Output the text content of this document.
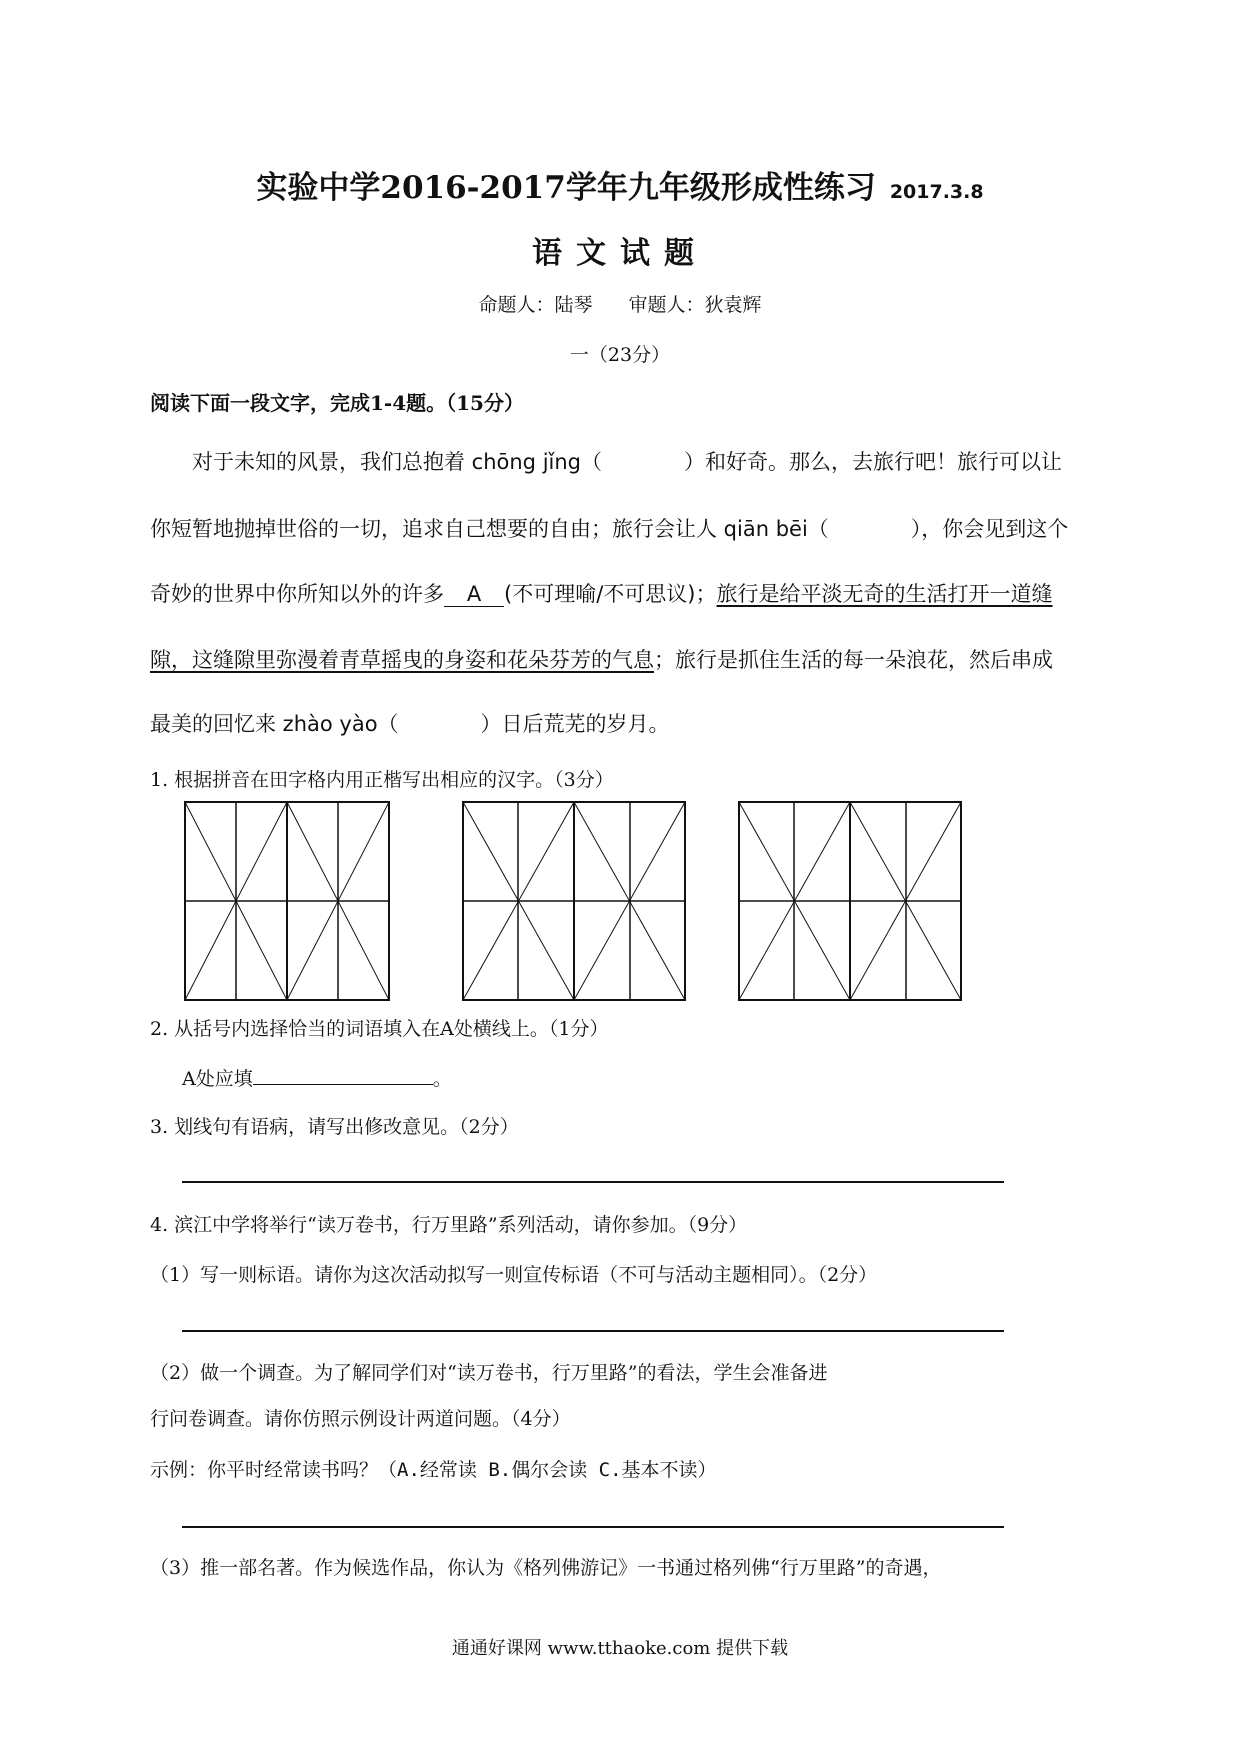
实验中学2016-2017学年九年级形成性练习 2017.3.8
语文试题
命题人：陆琴 审题人：狄袁辉
一（23分）
阅读下面一段文字，完成1-4题。（15分）
对于未知的风景，我们总抱着 chōng jǐng（	）和好奇。那么，去旅行吧！旅行可以让
你短暂地抛掉世俗的一切，追求自己想要的自由；旅行会让人 qiān bēi（	），你会见到这个
奇妙的世界中你所知以外的许多 A (不可理喻/不可思议)；旅行是给平淡无奇的生活打开一道缝
隙，这缝隙里弥漫着青草摇曳的身姿和花朵芬芳的气息；旅行是抓住生活的每一朵浪花，然后串成
最美的回忆来 zhào yào（	）日后荒芜的岁月。
1. 根据拼音在田字格内用正楷写出相应的汉字。（3分）
2. 从括号内选择恰当的词语填入在A处横线上。（1分）
A处应填	。
3. 划线句有语病，请写出修改意见。（2分）
4. 滨江中学将举行“读万卷书，行万里路”系列活动，请你参加。（9分）
（1）写一则标语。请你为这次活动拟写一则宣传标语（不可与活动主题相同）。（2分）
（2）做一个调查。为了解同学们对“读万卷书，行万里路”的看法，学生会准备进
行问卷调查。请你仿照示例设计两道问题。（4分）
示例：你平时经常读书吗？（A.经常读 B.偶尔会读 C.基本不读）
（3）推一部名著。作为候选作品，你认为《格列佛游记》一书通过格列佛“行万里路”的奇遇，
通通好课网 www.tthaoke.com 提供下载
